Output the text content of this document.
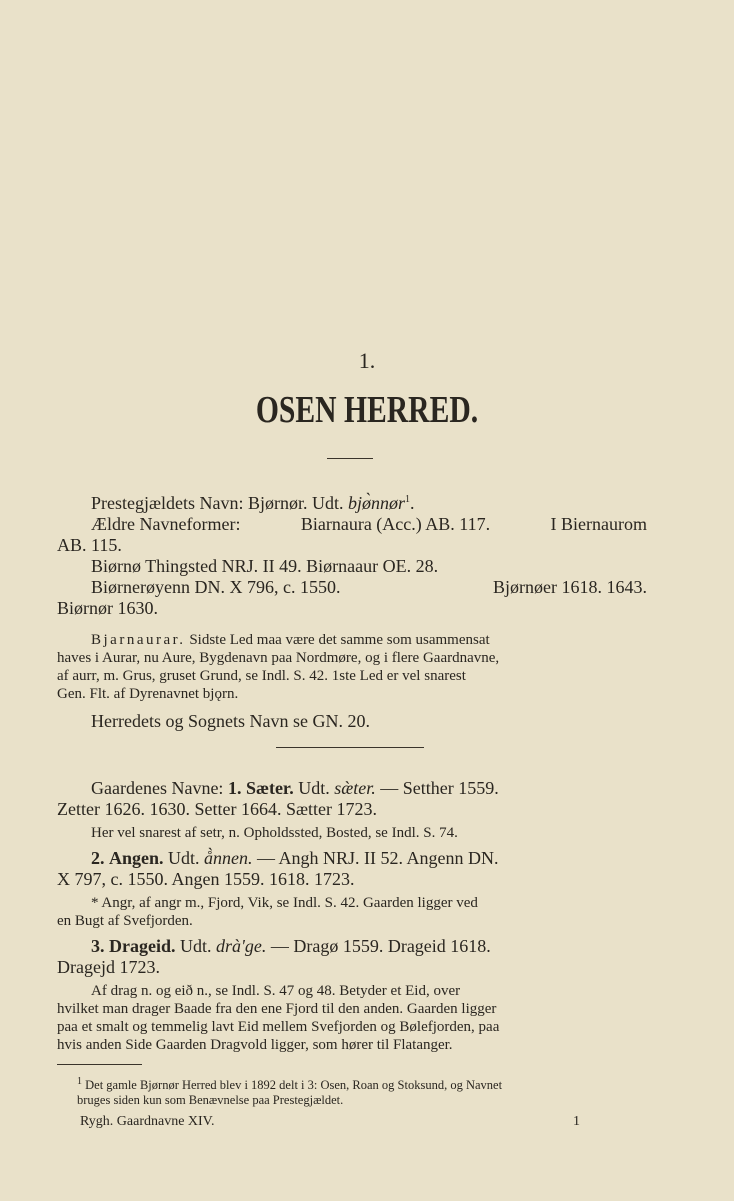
1.
OSEN HERRED.

Prestegjældets Navn: Bjørnør. Udt. bjø̀nnør$^1$.

Ældre Navneformer:	Biarnaura (Acc.) AB. 117.	I Biernaurom

AB. 115.

Biørnø Thingsted NRJ. II 49. Biørnaaur OE. 28.

Biørnerøyenn DN. X 796, c. 1550.	Bjørnøer 1618. 1643.

Biørnør 1630.

Bjarnaurar. Sidste Led maa være det samme som usammensat

haves i Aurar, nu Aure, Bygdenavn paa Nordmøre, og i flere Gaardnavne,

af aurr, m. Grus, gruset Grund, se Indl. S. 42. 1ste Led er vel snarest

Gen. Flt. af Dyrenavnet bjǫrn.

Herredets og Sognets Navn se GN. 20.

Gaardenes Navne: 1. Sæter. Udt. sæ̀ter. — Setther 1559.

Zetter 1626. 1630. Setter 1664. Sætter 1723.

Her vel snarest af setr, n. Opholdssted, Bosted, se Indl. S. 74.

2. Angen. Udt. å̀nnen. — Angh NRJ. II 52. Angenn DN.

X 797, c. 1550. Angen 1559. 1618. 1723.

* Angr, af angr m., Fjord, Vik, se Indl. S. 42. Gaarden ligger ved

en Bugt af Svefjorden.

3. Drageid. Udt. drà'ge. — Dragø 1559. Drageid 1618.

Dragejd 1723.

Af drag n. og eið n., se Indl. S. 47 og 48. Betyder et Eid, over

hvilket man drager Baade fra den ene Fjord til den anden. Gaarden ligger

paa et smalt og temmelig lavt Eid mellem Svefjorden og Bølefjorden, paa

hvis anden Side Gaarden Dragvold ligger, som hører til Flatanger.

$^1$ Det gamle Bjørnør Herred blev i 1892 delt i 3: Osen, Roan og Stoksund, og Navnet
bruges siden kun som Benævnelse paa Prestegjældet.
Rygh. Gaardnavne XIV.	1
